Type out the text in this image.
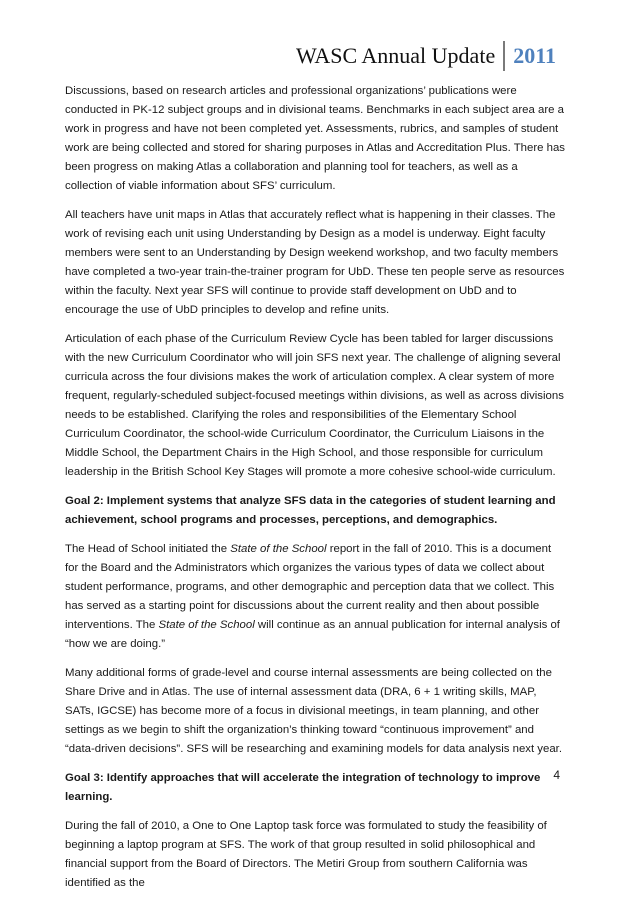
WASC Annual Update 2011

Discussions, based on research articles and professional organizations’ publications were conducted in PK-12 subject groups and in divisional teams. Benchmarks in each subject area are a work in progress and have not been completed yet. Assessments, rubrics, and samples of student work are being collected and stored for sharing purposes in Atlas and Accreditation Plus. There has been progress on making Atlas a collaboration and planning tool for teachers, as well as a collection of viable information about SFS’ curriculum.

All teachers have unit maps in Atlas that accurately reflect what is happening in their classes. The work of revising each unit using Understanding by Design as a model is underway. Eight faculty members were sent to an Understanding by Design weekend workshop, and two faculty members have completed a two-year train-the-trainer program for UbD. These ten people serve as resources within the faculty. Next year SFS will continue to provide staff development on UbD and to encourage the use of UbD principles to develop and refine units.

Articulation of each phase of the Curriculum Review Cycle has been tabled for larger discussions with the new Curriculum Coordinator who will join SFS next year. The challenge of aligning several curricula across the four divisions makes the work of articulation complex. A clear system of more frequent, regularly-scheduled subject-focused meetings within divisions, as well as across divisions needs to be established. Clarifying the roles and responsibilities of the Elementary School Curriculum Coordinator, the school-wide Curriculum Coordinator, the Curriculum Liaisons in the Middle School, the Department Chairs in the High School, and those responsible for curriculum leadership in the British School Key Stages will promote a more cohesive school-wide curriculum.

Goal 2: Implement systems that analyze SFS data in the categories of student learning and achievement, school programs and processes, perceptions, and demographics.

The Head of School initiated the State of the School report in the fall of 2010. This is a document for the Board and the Administrators which organizes the various types of data we collect about student performance, programs, and other demographic and perception data that we collect. This has served as a starting point for discussions about the current reality and then about possible interventions. The State of the School will continue as an annual publication for internal analysis of “how we are doing.”

Many additional forms of grade-level and course internal assessments are being collected on the Share Drive and in Atlas. The use of internal assessment data (DRA, 6 + 1 writing skills, MAP, SATs, IGCSE) has become more of a focus in divisional meetings, in team planning, and other settings as we begin to shift the organization’s thinking toward “continuous improvement” and “data-driven decisions”. SFS will be researching and examining models for data analysis next year.

Goal 3: Identify approaches that will accelerate the integration of technology to improve learning.

During the fall of 2010, a One to One Laptop task force was formulated to study the feasibility of beginning a laptop program at SFS. The work of that group resulted in solid philosophical and financial support from the Board of Directors. The Metiri Group from southern California was identified as the

4
